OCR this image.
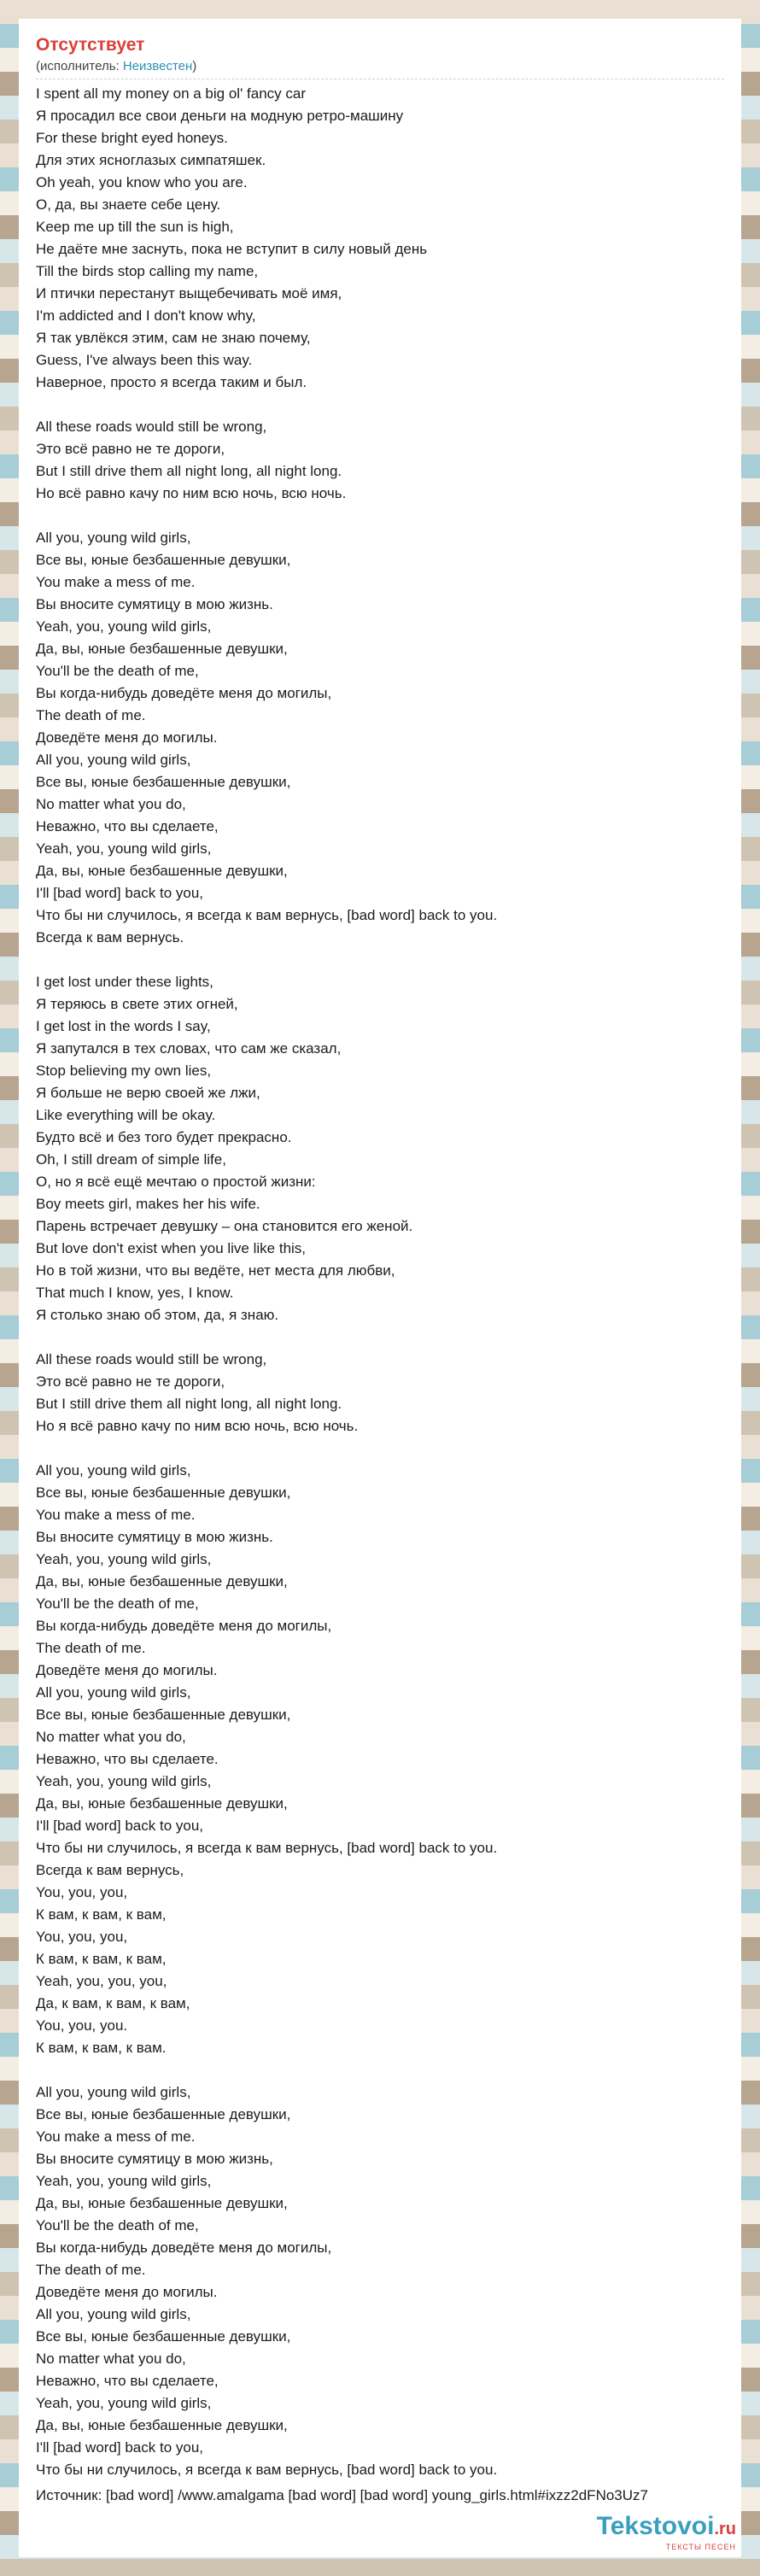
Отсутствует
(исполнитель: Неизвестен)
I spent all my money on a big ol' fancy car
Я просадил все свои деньги на модную ретро-машину
For these bright eyed honeys.
Для этих ясноглазых симпатяшек.
Oh yeah, you know who you are.
О, да, вы знаете себе цену.
Keep me up till the sun is high,
Не даёте мне заснуть, пока не вступит в силу новый день
Till the birds stop calling my name,
И птички перестанут выщебечивать моё имя,
I'm addicted and I don't know why,
Я так увлёкся этим, сам не знаю почему,
Guess, I've always been this way.
Наверное, просто я всегда таким и был.
All these roads would still be wrong,
Это всё равно не те дороги,
But I still drive them all night long, all night long.
Но всё равно качу по ним всю ночь, всю ночь.
All you, young wild girls,
Все вы, юные безбашенные девушки,
You make a mess of me.
Вы вносите сумятицу в мою жизнь.
Yeah, you, young wild girls,
Да, вы, юные безбашенные девушки,
You'll be the death of me,
Вы когда-нибудь доведёте меня до могилы,
The death of me.
Доведёте меня до могилы.
All you, young wild girls,
Все вы, юные безбашенные девушки,
No matter what you do,
Неважно, что вы сделаете,
Yeah, you, young wild girls,
Да, вы, юные безбашенные девушки,
I'll [bad word] back to you,
Что бы ни случилось, я всегда к вам вернусь, [bad word] back to you.
Всегда к вам вернусь.
I get lost under these lights,
Я теряюсь в свете этих огней,
I get lost in the words I say,
Я запутался в тех словах, что сам же сказал,
Stop believing my own lies,
Я больше не верю своей же лжи,
Like everything will be okay.
Будто всё и без того будет прекрасно.
Oh, I still dream of simple life,
О, но я всё ещё мечтаю о простой жизни:
Boy meets girl, makes her his wife.
Парень встречает девушку – она становится его женой.
But love don't exist when you live like this,
Но в той жизни, что вы ведёте, нет места для любви,
That much I know, yes, I know.
Я столько знаю об этом, да, я знаю.
All these roads would still be wrong,
Это всё равно не те дороги,
But I still drive them all night long, all night long.
Но я всё равно качу по ним всю ночь, всю ночь.
All you, young wild girls,
Все вы, юные безбашенные девушки,
You make a mess of me.
Вы вносите сумятицу в мою жизнь.
Yeah, you, young wild girls,
Да, вы, юные безбашенные девушки,
You'll be the death of me,
Вы когда-нибудь доведёте меня до могилы,
The death of me.
Доведёте меня до могилы.
All you, young wild girls,
Все вы, юные безбашенные девушки,
No matter what you do,
Неважно, что вы сделаете.
Yeah, you, young wild girls,
Да, вы, юные безбашенные девушки,
I'll [bad word] back to you,
Что бы ни случилось, я всегда к вам вернусь, [bad word] back to you.
Всегда к вам вернусь,
You, you, you,
К вам, к вам, к вам,
You, you, you,
К вам, к вам, к вам,
Yeah, you, you, you,
Да, к вам, к вам, к вам,
You, you, you.
К вам, к вам, к вам.
All you, young wild girls,
Все вы, юные безбашенные девушки,
You make a mess of me.
Вы вносите сумятицу в мою жизнь,
Yeah, you, young wild girls,
Да, вы, юные безбашенные девушки,
You'll be the death of me,
Вы когда-нибудь доведёте меня до могилы,
The death of me.
Доведёте меня до могилы.
All you, young wild girls,
Все вы, юные безбашенные девушки,
No matter what you do,
Неважно, что вы сделаете,
Yeah, you, young wild girls,
Да, вы, юные безбашенные девушки,
I'll [bad word] back to you,
Что бы ни случилось, я всегда к вам вернусь, [bad word] back to you.
Источник: [bad word] /www.amalgama [bad word] [bad word] young_girls.html#ixzz2dFNo3Uz7
Tekstovoi.ru
ТЕКСТЫ ПЕСЕН
